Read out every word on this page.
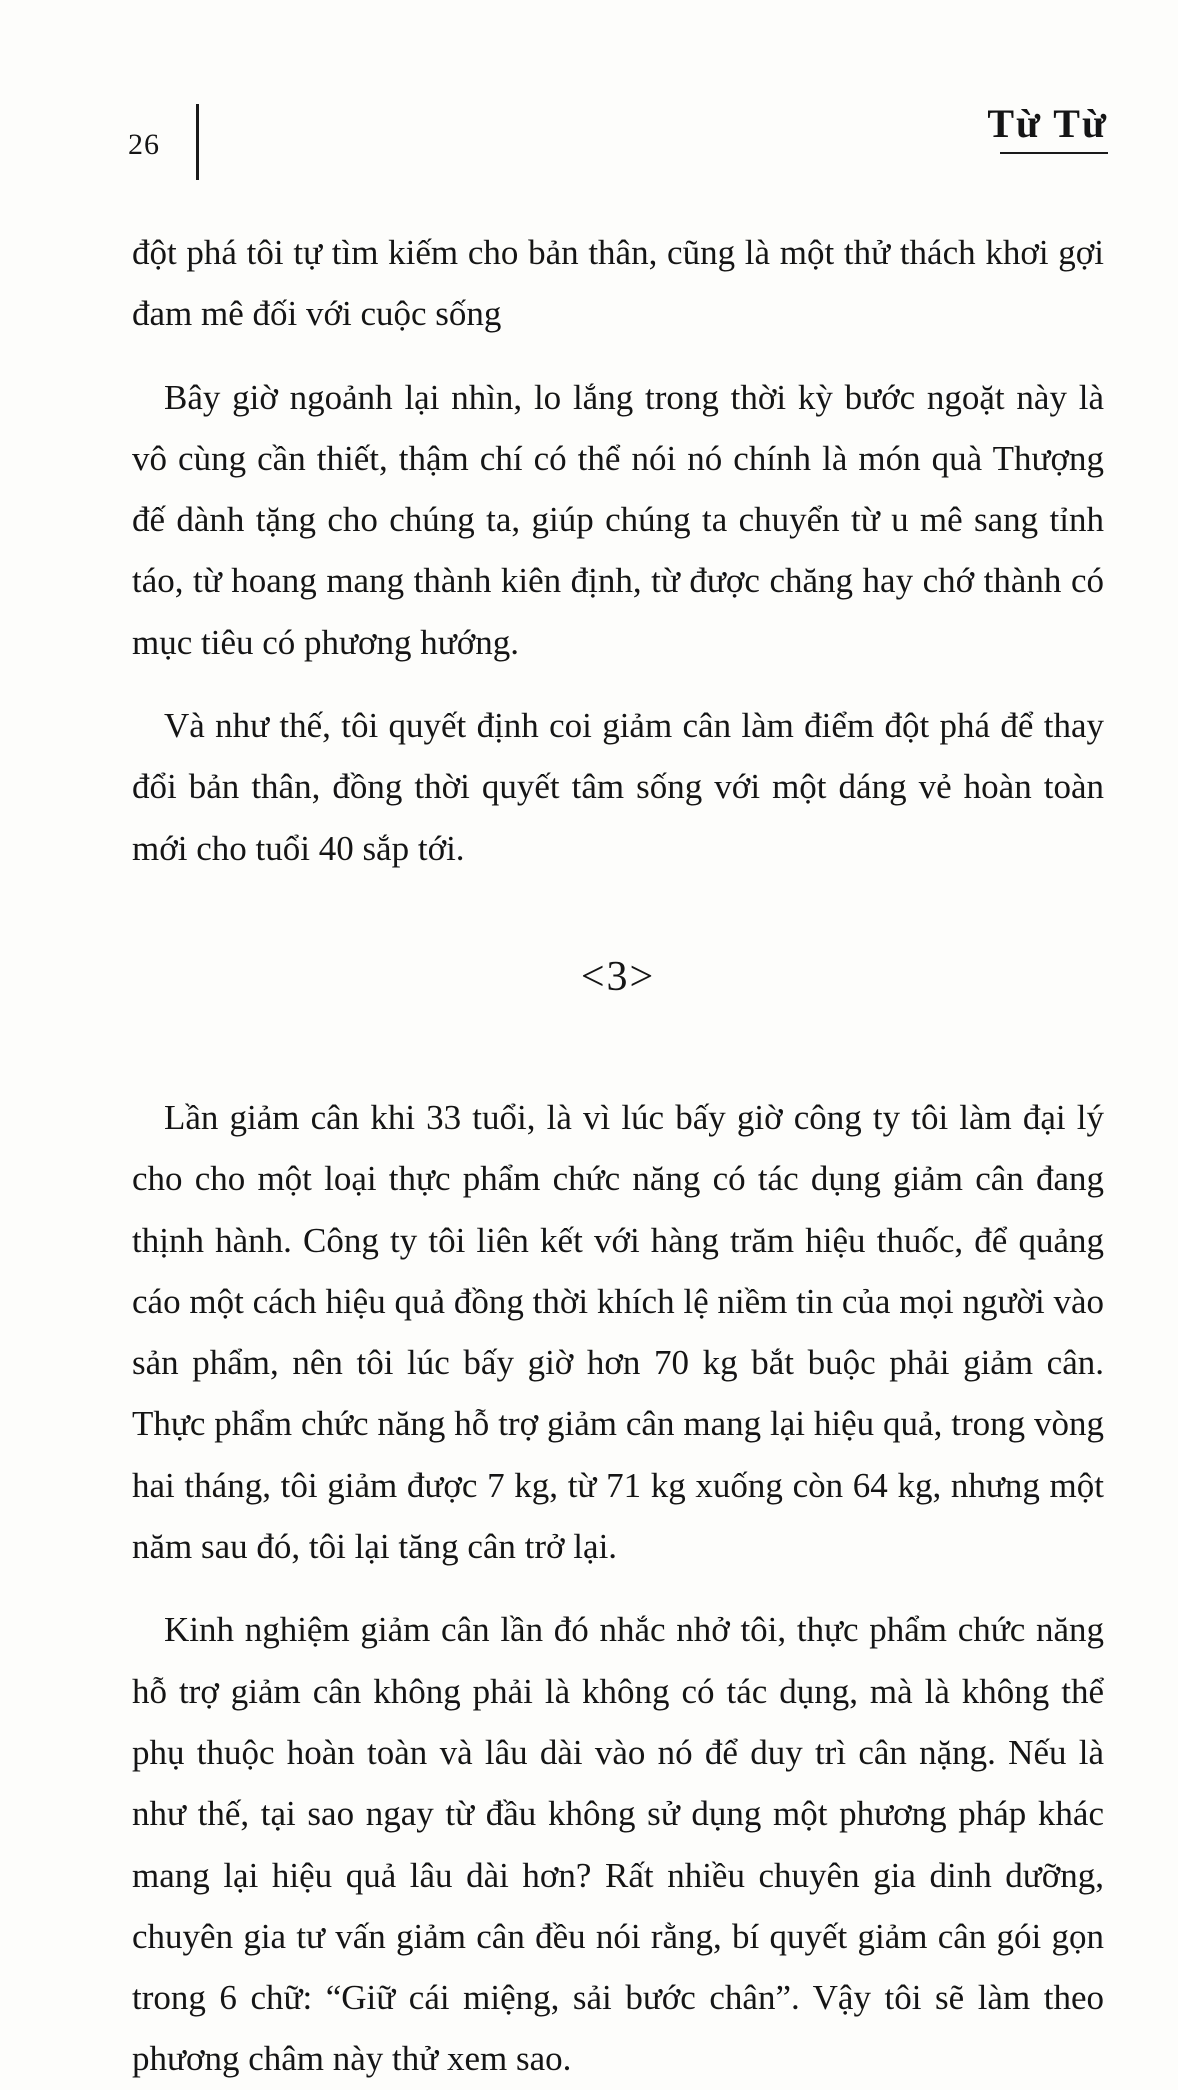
26	Từ Từ

đột phá tôi tự tìm kiếm cho bản thân, cũng là một thử thách khơi gợi đam mê đối với cuộc sống

Bây giờ ngoảnh lại nhìn, lo lắng trong thời kỳ bước ngoặt này là vô cùng cần thiết, thậm chí có thể nói nó chính là món quà Thượng đế dành tặng cho chúng ta, giúp chúng ta chuyển từ u mê sang tỉnh táo, từ hoang mang thành kiên định, từ được chăng hay chớ thành có mục tiêu có phương hướng.

Và như thế, tôi quyết định coi giảm cân làm điểm đột phá để thay đổi bản thân, đồng thời quyết tâm sống với một dáng vẻ hoàn toàn mới cho tuổi 40 sắp tới.

<3>

Lần giảm cân khi 33 tuổi, là vì lúc bấy giờ công ty tôi làm đại lý cho cho một loại thực phẩm chức năng có tác dụng giảm cân đang thịnh hành. Công ty tôi liên kết với hàng trăm hiệu thuốc, để quảng cáo một cách hiệu quả đồng thời khích lệ niềm tin của mọi người vào sản phẩm, nên tôi lúc bấy giờ hơn 70 kg bắt buộc phải giảm cân. Thực phẩm chức năng hỗ trợ giảm cân mang lại hiệu quả, trong vòng hai tháng, tôi giảm được 7 kg, từ 71 kg xuống còn 64 kg, nhưng một năm sau đó, tôi lại tăng cân trở lại.

Kinh nghiệm giảm cân lần đó nhắc nhở tôi, thực phẩm chức năng hỗ trợ giảm cân không phải là không có tác dụng, mà là không thể phụ thuộc hoàn toàn và lâu dài vào nó để duy trì cân nặng. Nếu là như thế, tại sao ngay từ đầu không sử dụng một phương pháp khác mang lại hiệu quả lâu dài hơn? Rất nhiều chuyên gia dinh dưỡng, chuyên gia tư vấn giảm cân đều nói rằng, bí quyết giảm cân gói gọn trong 6 chữ: “Giữ cái miệng, sải bước chân”. Vậy tôi sẽ làm theo phương châm này thử xem sao.
